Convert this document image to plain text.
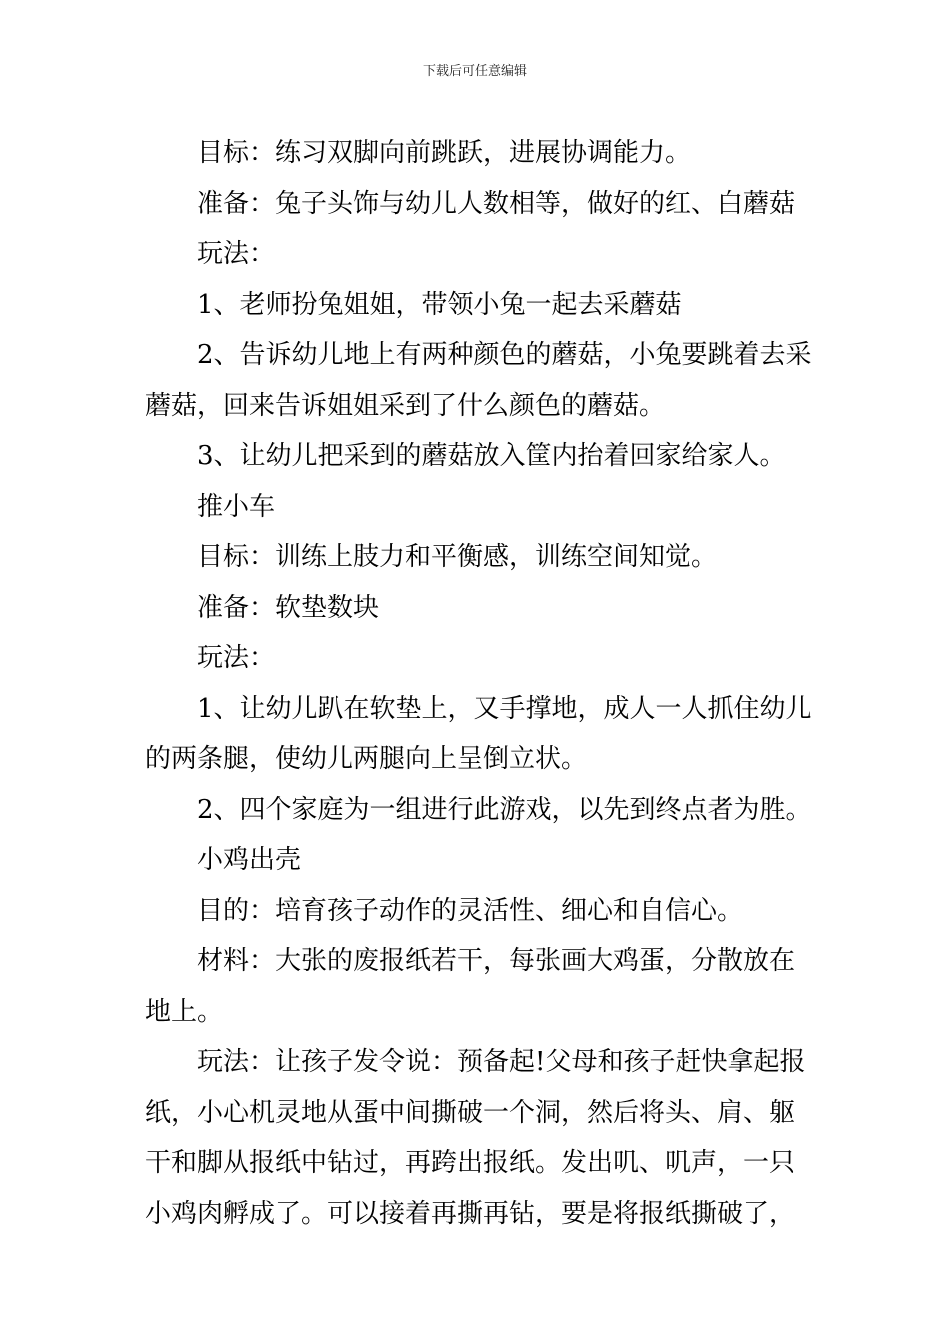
下载后可任意编辑

目标：练习双脚向前跳跃，进展协调能力。

准备：兔子头饰与幼儿人数相等，做好的红、白蘑菇

玩法：

1、老师扮兔姐姐，带领小兔一起去采蘑菇

2、告诉幼儿地上有两种颜色的蘑菇，小兔要跳着去采
蘑菇，回来告诉姐姐采到了什么颜色的蘑菇。

3、让幼儿把采到的蘑菇放入筐内抬着回家给家人。

推小车

目标：训练上肢力和平衡感，训练空间知觉。

准备：软垫数块

玩法：

1、让幼儿趴在软垫上，又手撑地，成人一人抓住幼儿
的两条腿，使幼儿两腿向上呈倒立状。

2、四个家庭为一组进行此游戏，以先到终点者为胜。

小鸡出壳

目的：培育孩子动作的灵活性、细心和自信心。

材料：大张的废报纸若干，每张画大鸡蛋，分散放在
地上。

玩法：让孩子发令说：预备起!父母和孩子赶快拿起报
纸，小心机灵地从蛋中间撕破一个洞，然后将头、肩、躯
干和脚从报纸中钻过，再跨出报纸。发出叽、叽声，一只
小鸡肉孵成了。可以接着再撕再钻，要是将报纸撕破了，
